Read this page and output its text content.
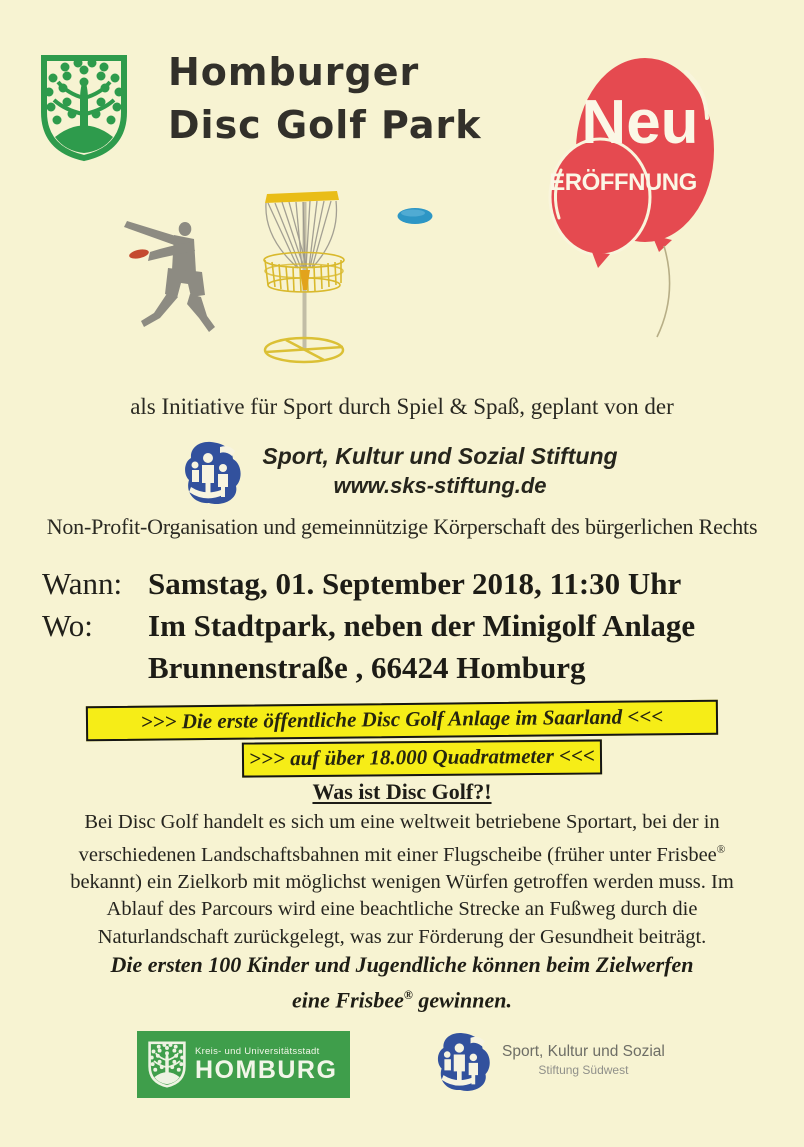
Homburger
Disc Golf Park Neu
ERÖFFNUNG
als Initiative für Sport durch Spiel & Spaß, geplant von der
Sport, Kultur und Sozial Stiftung
www.sks-stiftung.de
Non-Profit-Organisation und gemeinnützige Körperschaft des bürgerlichen Rechts
Wann: Samstag, 01. September 2018, 11:30 Uhr
Wo:	Im Stadtpark, neben der Minigolf Anlage
Brunnenstraße , 66424 Homburg
>>> Die erste öffentliche Disc Golf Anlage im Saarland <<<
>>> auf über 18.000 Quadratmeter <<<
Was ist Disc Golf?!
Bei Disc Golf handelt es sich um eine weltweit betriebene Sportart, bei der in
verschiedenen Landschaftsbahnen mit einer Flugscheibe (früher unter Frisbee®
bekannt) ein Zielkorb mit möglichst wenigen Würfen getroffen werden muss. Im
Ablauf des Parcours wird eine beachtliche Strecke an Fußweg durch die
Naturlandschaft zurückgelegt, was zur Förderung der Gesundheit beiträgt.
Die ersten 100 Kinder und Jugendliche können beim Zielwerfen
eine Frisbee® gewinnen.
Kreis- und Universitätsstadt
HOMBURG
Sport, Kultur und Sozial
Stiftung Südwest
